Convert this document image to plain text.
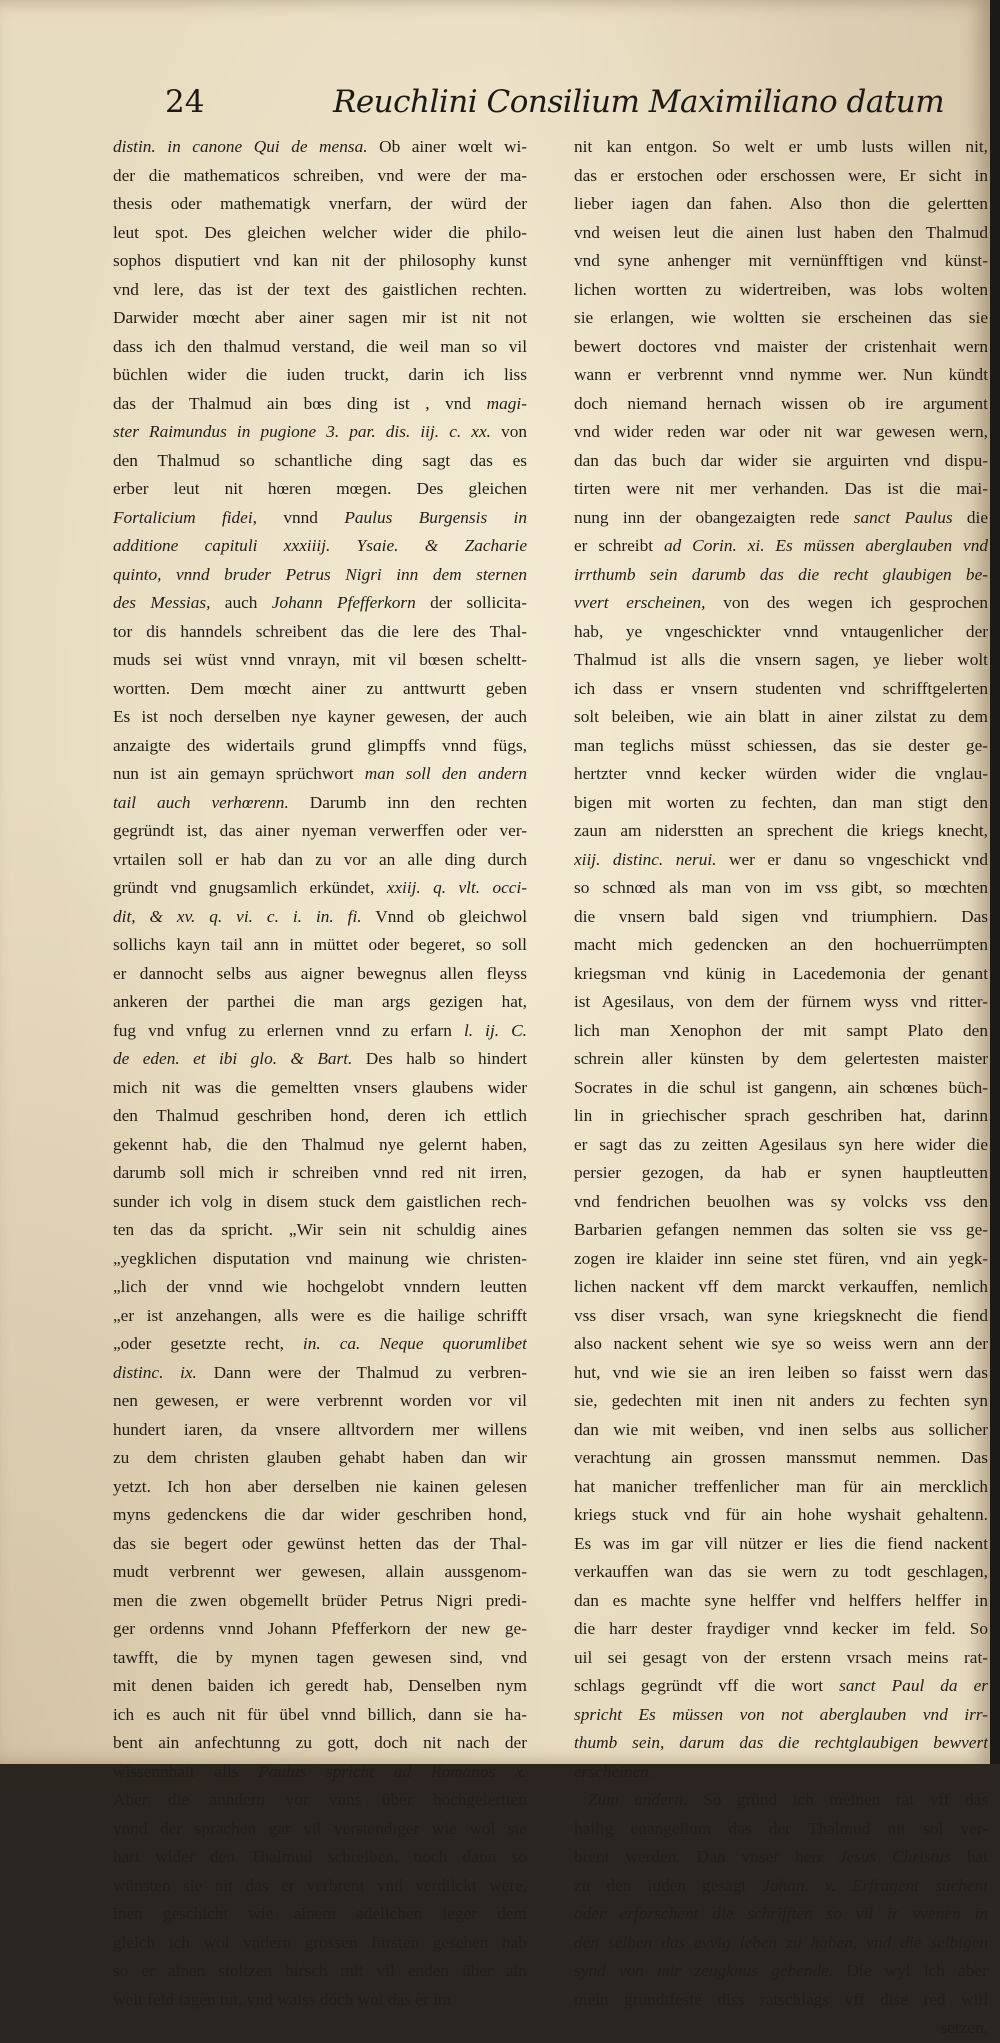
24	Reuchlini Consilium Maximiliano datum
distin. in canone Qui de mensa. Ob ainer wœlt wi-
der die mathematicos schreiben, vnd were der ma-
thesis oder mathematigk vnerfarn, der würd der
leut spot. Des gleichen welcher wider die philo-
sophos disputiert vnd kan nit der philosophy kunst
vnd lere, das ist der text des gaistlichen rechten.
Darwider mœcht aber ainer sagen mir ist nit not
dass ich den thalmud verstand, die weil man so vil
büchlen wider die iuden truckt, darin ich liss
das der Thalmud ain bœs ding ist , vnd magi-
ster Raimundus in pugione 3. par. dis. iij. c. xx. von
den Thalmud so schantliche ding sagt das es
erber leut nit hœren mœgen. Des gleichen
Fortalicium fidei, vnnd Paulus Burgensis in
additione capituli xxxiiij. Ysaie. & Zacharie
quinto, vnnd bruder Petrus Nigri inn dem sternen
des Messias, auch Johann Pfefferkorn der sollicita-
tor dis hanndels schreibent das die lere des Thal-
muds sei wüst vnnd vnrayn, mit vil bœsen scheltt-
wortten. Dem mœcht ainer zu anttwurtt geben
Es ist noch derselben nye kayner gewesen, der auch
anzaigte des widertails grund glimpffs vnnd fügs,
nun ist ain gemayn sprüchwort man soll den andern
tail auch verhœrenn. Darumb inn den rechten
gegründt ist, das ainer nyeman verwerffen oder ver-
vrtailen soll er hab dan zu vor an alle ding durch
gründt vnd gnugsamlich erkündet, xxiij. q. vlt. occi-
dit, & xv. q. vi. c. i. in. fi. Vnnd ob gleichwol
sollichs kayn tail ann in müttet oder begeret, so soll
er dannocht selbs aus aigner bewegnus allen fleyss
ankeren der parthei die man args gezigen hat,
fug vnd vnfug zu erlernen vnnd zu erfarn l. ij. C.
de eden. et ibi glo. & Bart. Des halb so hindert
mich nit was die gemeltten vnsers glaubens wider
den Thalmud geschriben hond, deren ich ettlich
gekennt hab, die den Thalmud nye gelernt haben,
darumb soll mich ir schreiben vnnd red nit irren,
sunder ich volg in disem stuck dem gaistlichen rech-
ten das da spricht. „Wir sein nit schuldig aines
„yegklichen disputation vnd mainung wie christen-
„lich der vnnd wie hochgelobt vnndern leutten
„er ist anzehangen, alls were es die hailige schrifft
„oder gesetzte recht, in. ca. Neque quorumlibet
distinc. ix. Dann were der Thalmud zu verbren-
nen gewesen, er were verbrennt worden vor vil
hundert iaren, da vnsere alltvordern mer willens
zu dem christen glauben gehabt haben dan wir
yetzt. Ich hon aber derselben nie kainen gelesen
myns gedenckens die dar wider geschriben hond,
das sie begert oder gewünst hetten das der Thal-
mudt verbrennt wer gewesen, allain aussgenom-
men die zwen obgemellt brüder Petrus Nigri predi-
ger ordenns vnnd Johann Pfefferkorn der new ge-
tawfft, die by mynen tagen gewesen sind, vnd
mit denen baiden ich geredt hab, Denselben nym
ich es auch nit für übel vnnd billich, dann sie ha-
bent ain anfechtunng zu gott, doch nit nach der
wissennhait alls Paulus spricht ad Romanos x.
Aber die anndern vor vnns über hochgelertten
vnnd der sprachen gar vil verstendiger wie wol sie
hart wider den Thalmud schreiben, noch dann so
wünsten sie nit das er verbrent vnd verdilckt were,
inen geschicht wie ainem adelichen ieger dem
gleich ich wol vndern grossen fürsten gesehen hab
so er ainen stoltzen hirsch mit vil enden über ain
weit feld iagen tut, vnd waiss doch wol das er im
nit kan entgon. So welt er umb lusts willen nit,
das er erstochen oder erschossen were, Er sicht in
lieber iagen dan fahen. Also thon die gelertten
vnd weisen leut die ainen lust haben den Thalmud
vnd syne anhenger mit vernünfftigen vnd künst-
lichen wortten zu widertreiben, was lobs wolten
sie erlangen, wie woltten sie erscheinen das sie
bewert doctores vnd maister der cristenhait wern
wann er verbrennt vnnd nymme wer. Nun kündt
doch niemand hernach wissen ob ire argument
vnd wider reden war oder nit war gewesen wern,
dan das buch dar wider sie arguirten vnd dispu-
tirten were nit mer verhanden. Das ist die mai-
nung inn der obangezaigten rede sanct Paulus die
er schreibt ad Corin. xi. Es müssen aberglauben vnd
irrthumb sein darumb das die recht glaubigen be-
vvert erscheinen, von des wegen ich gesprochen
hab, ye vngeschickter vnnd vntaugenlicher der
Thalmud ist alls die vnsern sagen, ye lieber wolt
ich dass er vnsern studenten vnd schrifftgelerten
solt beleiben, wie ain blatt in ainer zilstat zu dem
man teglichs müsst schiessen, das sie dester ge-
hertzter vnnd kecker würden wider die vnglau-
bigen mit worten zu fechten, dan man stigt den
zaun am niderstten an sprechent die kriegs knecht,
xiij. distinc. nerui. wer er danu so vngeschickt vnd
so schnœd als man von im vss gibt, so mœchten
die vnsern bald sigen vnd triumphiern. Das
macht mich gedencken an den hochuerrümpten
kriegsman vnd künig in Lacedemonia der genant
ist Agesilaus, von dem der fürnem wyss vnd ritter-
lich man Xenophon der mit sampt Plato den
schrein aller künsten by dem gelertesten maister
Socrates in die schul ist gangenn, ain schœnes büch-
lin in griechischer sprach geschriben hat, darinn
er sagt das zu zeitten Agesilaus syn here wider die
persier gezogen, da hab er synen hauptleutten
vnd fendrichen beuolhen was sy volcks vss den
Barbarien gefangen nemmen das solten sie vss ge-
zogen ire klaider inn seine stet füren, vnd ain yegk-
lichen nackent vff dem marckt verkauffen, nemlich
vss diser vrsach, wan syne kriegsknecht die fiend
also nackent sehent wie sye so weiss wern ann der
hut, vnd wie sie an iren leiben so faisst wern das
sie, gedechten mit inen nit anders zu fechten syn
dan wie mit weiben, vnd inen selbs aus sollicher
verachtung ain grossen manssmut nemmen. Das
hat manicher treffenlicher man für ain mercklich
kriegs stuck vnd für ain hohe wyshait gehaltenn.
Es was im gar vill nützer er lies die fiend nackent
verkauffen wan das sie wern zu todt geschlagen,
dan es machte syne helffer vnd helffers helffer in
die harr dester fraydiger vnnd kecker im feld. So
uil sei gesagt von der erstenn vrsach meins rat-
schlags gegründt vff die wort sanct Paul da er
spricht Es müssen von not aberglauben vnd irr-
thumb sein, darum das die rechtglaubigen bewvert
erscheinen.
Zum andern. So gründ ich meinen rat vff das
hailig euangelium das der Thalmud nit sol ver-
brent werden. Dan vnser herr Jesus Christus hat
zu den iuden gesagt Johan. v. Erfragent süchent
oder erforschent die schrifften so vil ir vvenen in
den selben das evvig leben zu haben, vnd die selbigen
synd von mir zeugknus gebende. Die wyl ich aber
mein grundtfeste diss ratschlags vff dise red will
setzen,
